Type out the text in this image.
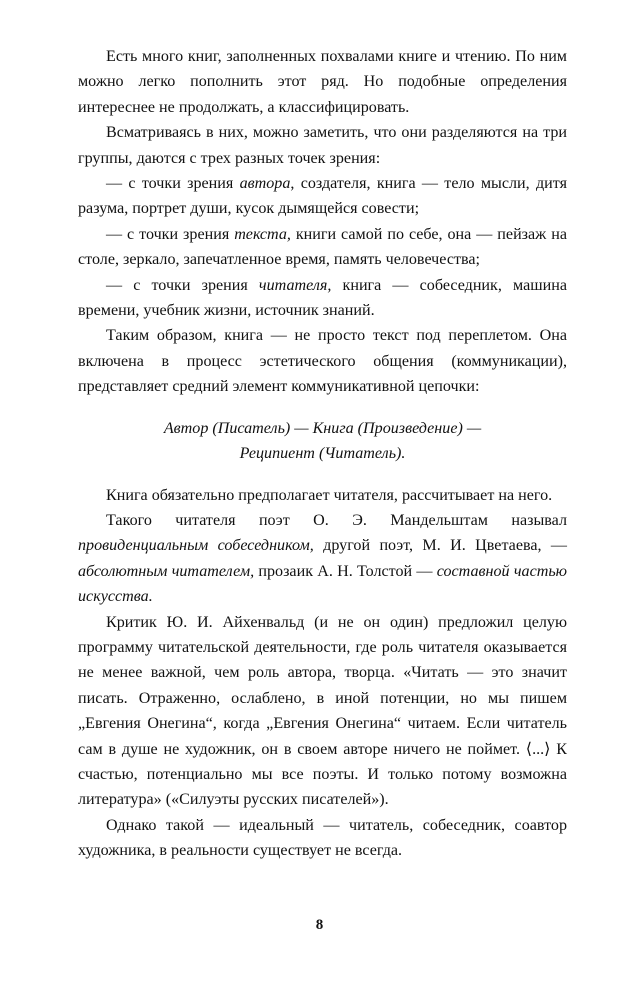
Есть много книг, заполненных похвалами книге и чтению. По ним можно легко пополнить этот ряд. Но подобные определения интереснее не продолжать, а классифицировать.

Всматриваясь в них, можно заметить, что они разделяются на три группы, даются с трех разных точек зрения:

— с точки зрения автора, создателя, книга — тело мысли, дитя разума, портрет души, кусок дымящейся совести;

— с точки зрения текста, книги самой по себе, она — пейзаж на столе, зеркало, запечатленное время, память человечества;

— с точки зрения читателя, книга — собеседник, машина времени, учебник жизни, источник знаний.

Таким образом, книга — не просто текст под переплетом. Она включена в процесс эстетического общения (коммуникации), представляет средний элемент коммуникативной цепочки:

Автор (Писатель) — Книга (Произведение) —
Реципиент (Читатель).

Книга обязательно предполагает читателя, рассчитывает на него.

Такого читателя поэт О. Э. Мандельштам называл провиденциальным собеседником, другой поэт, М. И. Цветаева, — абсолютным читателем, прозаик А. Н. Толстой — составной частью искусства.

Критик Ю. И. Айхенвальд (и не он один) предложил целую программу читательской деятельности, где роль читателя оказывается не менее важной, чем роль автора, творца. «Читать — это значит писать. Отраженно, ослаблено, в иной потенции, но мы пишем „Евгения Онегина“, когда „Евгения Онегина“ читаем. Если читатель сам в душе не художник, он в своем авторе ничего не поймет. ⟨...⟩ К счастью, потенциально мы все поэты. И только потому возможна литература» («Силуэты русских писателей»).

Однако такой — идеальный — читатель, собеседник, соавтор художника, в реальности существует не всегда.

8
